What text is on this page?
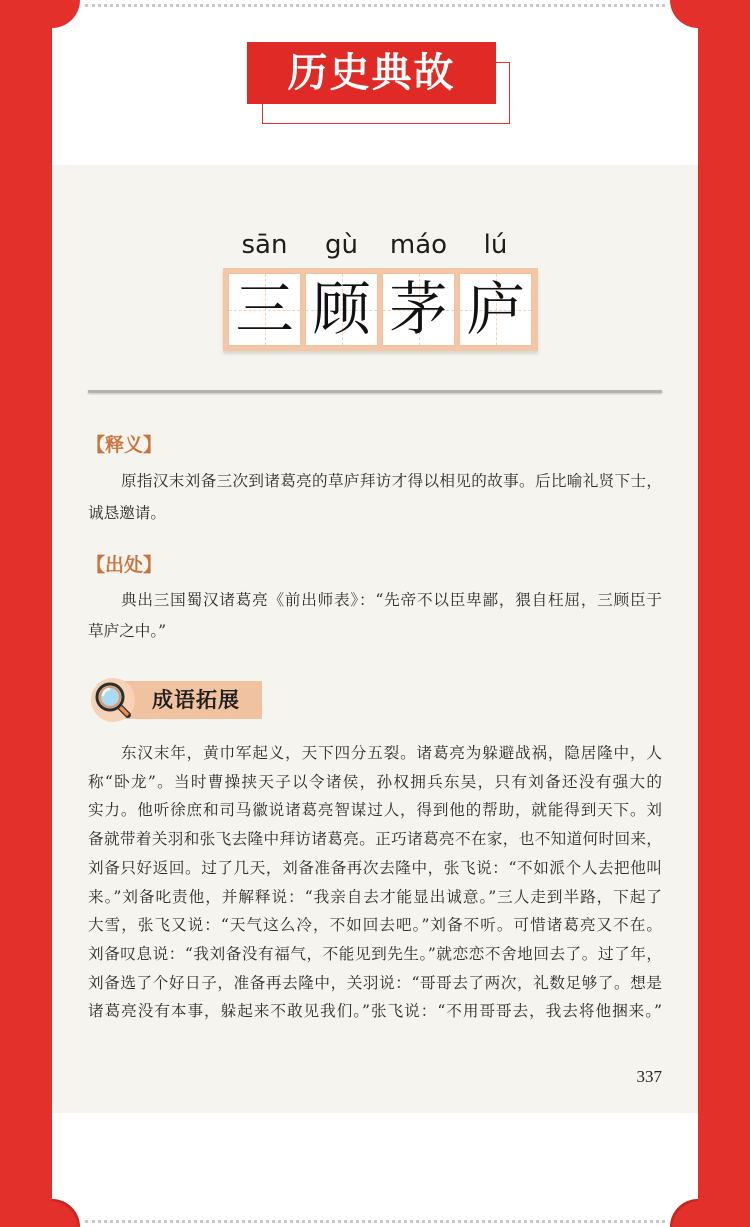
历史典故
sān	gù	máo	lú
三 顾 茅 庐
【释义】
原指汉末刘备三次到诸葛亮的草庐拜访才得以相见的故事。后比喻礼贤下士，
诚恳邀请。
【出处】
典出三国蜀汉诸葛亮《前出师表》：“先帝不以臣卑鄙，猥自枉屈，三顾臣于
草庐之中。”
成语拓展
东汉末年，黄巾军起义，天下四分五裂。诸葛亮为躲避战祸，隐居隆中，人
称“卧龙”。当时曹操挟天子以令诸侯，孙权拥兵东吴，只有刘备还没有强大的
实力。他听徐庶和司马徽说诸葛亮智谋过人，得到他的帮助，就能得到天下。刘
备就带着关羽和张飞去隆中拜访诸葛亮。正巧诸葛亮不在家，也不知道何时回来，
刘备只好返回。过了几天，刘备准备再次去隆中，张飞说：“不如派个人去把他叫
来。”刘备叱责他，并解释说：“我亲自去才能显出诚意。”三人走到半路，下起了
大雪，张飞又说：“天气这么冷，不如回去吧。”刘备不听。可惜诸葛亮又不在。
刘备叹息说：“我刘备没有福气，不能见到先生。”就恋恋不舍地回去了。过了年，
刘备选了个好日子，准备再去隆中，关羽说：“哥哥去了两次，礼数足够了。想是
诸葛亮没有本事，躲起来不敢见我们。”张飞说：“不用哥哥去，我去将他捆来。”
337
